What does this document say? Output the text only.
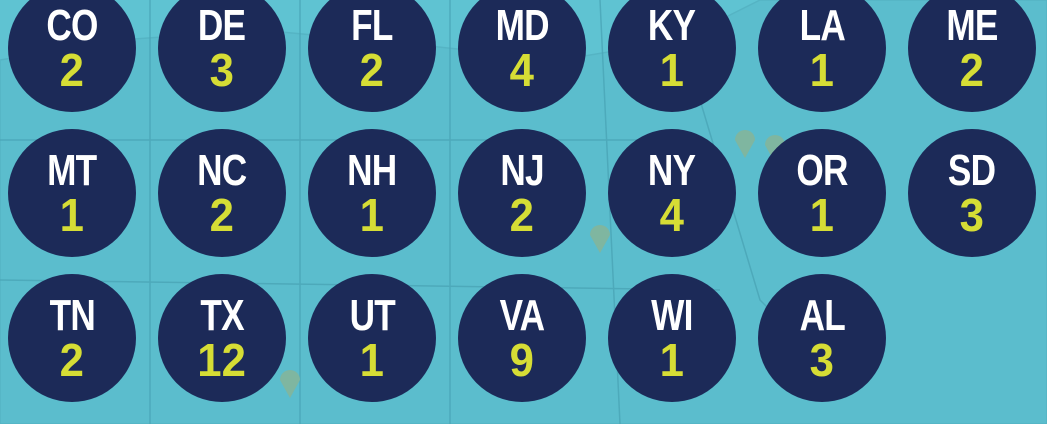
CO
2
DE
3
FL
2
MD
4
KY
1
LA
1
ME
2
MT
1
NC
2
NH
1
NJ
2
NY
4
OR
1
SD
3
TN
2
TX
12
UT
1
VA
9
WI
1
AL
3
